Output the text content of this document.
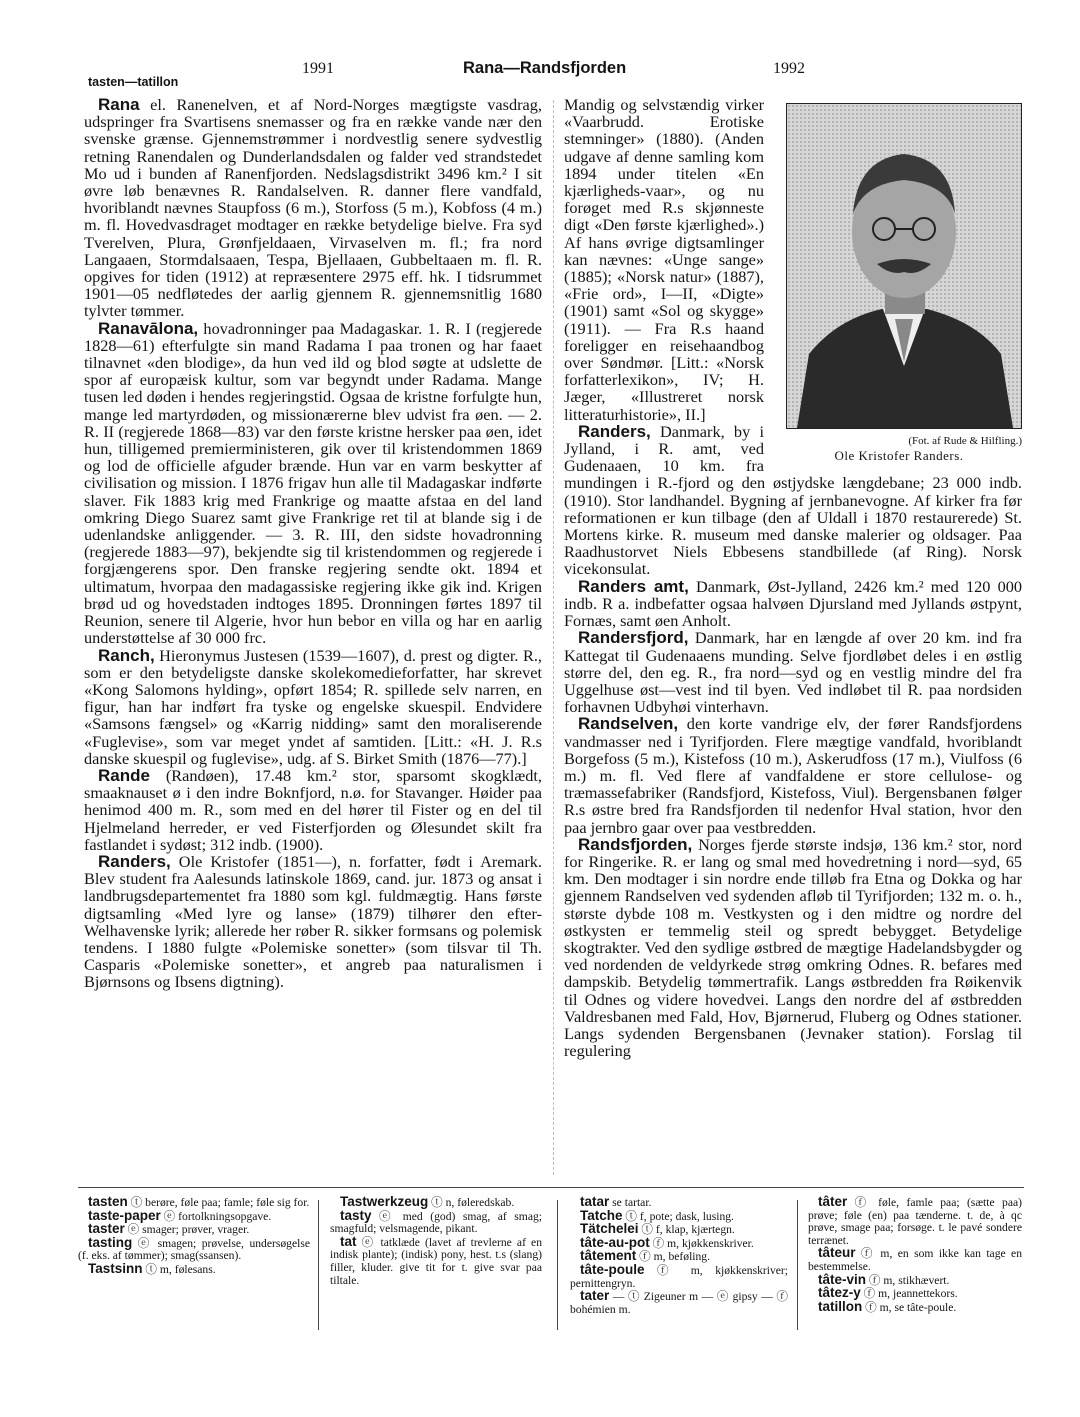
tasten—tatillon
1991	Rana—Randsfjorden	1992

Rana el. Ranenelven, et af Nord-Norges mægtigste vasdrag, udspringer fra Svartisens snemasser og fra en række vande nær den svenske grænse. Gjennemstrømmer i nordvestlig senere sydvestlig retning Ranendalen og Dunderlandsdalen og falder ved strandstedet Mo ud i bunden af Ranenfjorden. Nedslagsdistrikt 3496 km.² I sit øvre løb benævnes R. Randalselven. R. danner flere vandfald, hvoriblandt nævnes Staupfoss (6 m.), Storfoss (5 m.), Kobfoss (4 m.) m. fl. Hovedvasdraget modtager en række betydelige bielve. Fra syd Tverelven, Plura, Grønfjeldaaen, Virvaselven m. fl.; fra nord Langaaen, Stormdalsaaen, Tespa, Bjellaaen, Gubbeltaaen m. fl. R. opgives for tiden (1912) at repræsentere 2975 eff. hk. I tidsrummet 1901—05 nedfløtedes der aarlig gjennem R. gjennemsnitlig 1680 tylvter tømmer.

Ranavālona, hovadronninger paa Madagaskar. 1. R. I (regjerede 1828—61) efterfulgte sin mand Radama I paa tronen og har faaet tilnavnet «den blodige», da hun ved ild og blod søgte at udslette de spor af europæisk kultur, som var begyndt under Radama. Mange tusen led døden i hendes regjeringstid. Ogsaa de kristne forfulgte hun, mange led martyrdøden, og missionærerne blev udvist fra øen. — 2. R. II (regjerede 1868—83) var den første kristne hersker paa øen, idet hun, tilligemed premierministeren, gik over til kristendommen 1869 og lod de officielle afguder brænde. Hun var en varm beskytter af civilisation og mission. I 1876 frigav hun alle til Madagaskar indførte slaver. Fik 1883 krig med Frankrige og maatte afstaa en del land omkring Diego Suarez samt give Frankrige ret til at blande sig i de udenlandske anliggender. — 3. R. III, den sidste hovadronning (regjerede 1883—97), bekjendte sig til kristendommen og regjerede i forgjængerens spor. Den franske regjering sendte okt. 1894 et ultimatum, hvorpaa den madagassiske regjering ikke gik ind. Krigen brød ud og hovedstaden indtoges 1895. Dronningen førtes 1897 til Reunion, senere til Algerie, hvor hun bebor en villa og har en aarlig understøttelse af 30 000 frc.

Ranch, Hieronymus Justesen (1539—1607), d. prest og digter. R., som er den betydeligste danske skolekomedieforfatter, har skrevet «Kong Salomons hylding», opført 1854; R. spillede selv narren, en figur, han har indført fra tyske og engelske skuespil. Endvidere «Samsons fængsel» og «Karrig nidding» samt den moraliserende «Fuglevise», som var meget yndet af samtiden. [Litt.: «H. J. R.s danske skuespil og fuglevise», udg. af S. Birket Smith (1876—77).]

Rande (Randøen), 17.48 km.² stor, sparsomt skogklædt, smaaknauset ø i den indre Boknfjord, n.ø. for Stavanger. Høider paa henimod 400 m. R., som med en del hører til Fister og en del til Hjelmeland herreder, er ved Fisterfjorden og Ølesundet skilt fra fastlandet i sydøst; 312 indb. (1900).

Randers, Ole Kristofer (1851—), n. forfatter, født i Aremark. Blev student fra Aalesunds latinskole 1869, cand. jur. 1873 og ansat i landbrugsdepartementet fra 1880 som kgl. fuldmægtig. Hans første digtsamling «Med lyre og lanse» (1879) tilhører den efter-Welhavenske lyrik; allerede her røber R. sikker formsans og polemisk tendens. I 1880 fulgte «Polemiske sonetter» (som tilsvar til Th. Casparis «Polemiske sonetter», et angreb paa naturalismen i Bjørnsons og Ibsens digtning).

(Fot. af Rude & Hilfling.)
Ole Kristofer Randers.

Mandig og selvstændig virker «Vaarbrudd. Erotiske stemninger» (1880). (Anden udgave af denne samling kom 1894 under titelen «En kjærligheds-vaar», og nu forøget med R.s skjønneste digt «Den første kjærlighed».) Af hans øvrige digtsamlinger kan nævnes: «Unge sange» (1885); «Norsk natur» (1887), «Frie ord», I—II, «Digte» (1901) samt «Sol og skygge» (1911). — Fra R.s haand foreligger en reisehaandbog over Søndmør. [Litt.: «Norsk forfatterlexikon», IV; H. Jæger, «Illustreret norsk litteraturhistorie», II.]

Randers, Danmark, by i Jylland, i R. amt, ved Gudenaaen, 10 km. fra mundingen i R.-fjord og den østjydske længdebane; 23 000 indb. (1910). Stor landhandel. Bygning af jernbanevogne. Af kirker fra før reformationen er kun tilbage (den af Uldall i 1870 restaurerede) St. Mortens kirke. R. museum med danske malerier og oldsager. Paa Raadhustorvet Niels Ebbesens standbillede (af Ring). Norsk vicekonsulat.

Randers amt, Danmark, Øst-Jylland, 2426 km.² med 120 000 indb. R a. indbefatter ogsaa halvøen Djursland med Jyllands østpynt, Fornæs, samt øen Anholt.

Randersfjord, Danmark, har en længde af over 20 km. ind fra Kattegat til Gudenaaens munding. Selve fjordløbet deles i en østlig større del, den eg. R., fra nord—syd og en vestlig mindre del fra Uggelhuse øst—vest ind til byen. Ved indløbet til R. paa nordsiden forhavnen Udbyhøi vinterhavn.

Randselven, den korte vandrige elv, der fører Randsfjordens vandmasser ned i Tyrifjorden. Flere mægtige vandfald, hvoriblandt Borgefoss (5 m.), Kistefoss (10 m.), Askerudfoss (17 m.), Viulfoss (6 m.) m. fl. Ved flere af vandfaldene er store cellulose- og træmassefabriker (Randsfjord, Kistefoss, Viul). Bergensbanen følger R.s østre bred fra Randsfjorden til nedenfor Hval station, hvor den paa jernbro gaar over paa vestbredden.

Randsfjorden, Norges fjerde største indsjø, 136 km.² stor, nord for Ringerike. R. er lang og smal med hovedretning i nord—syd, 65 km. Den modtager i sin nordre ende tilløb fra Etna og Dokka og har gjennem Randselven ved sydenden afløb til Tyrifjorden; 132 m. o. h., største dybde 108 m. Vestkysten og i den midtre og nordre del østkysten er temmelig steil og spredt bebygget. Betydelige skogtrakter. Ved den sydlige østbred de mægtige Hadelandsbygder og ved nordenden de veldyrkede strøg omkring Odnes. R. befares med dampskib. Betydelig tømmertrafik. Langs østbredden fra Røikenvik til Odnes og videre hovedvei. Langs den nordre del af østbredden Valdresbanen med Fald, Hov, Bjørnerud, Fluberg og Odnes stationer. Langs sydenden Bergensbanen (Jevnaker station). Forslag til regulering

tasten ⓣ berøre, føle paa; famle; føle sig for.

taste-paper ⓔ fortolkningsopgave.

taster ⓔ smager; prøver, vrager.

tasting ⓔ smagen; prøvelse, undersøgelse (f. eks. af tømmer); smag(ssansen).

Tastsinn ⓣ m, følesans.

Tastwerkzeug ⓣ n, føleredskab.

tasty ⓔ med (god) smag, af smag; smagfuld; velsmagende, pikant.

tat ⓔ tatklæde (lavet af trevlerne af en indisk plante); (indisk) pony, hest. t.s (slang) filler, kluder. give tit for t. give svar paa tiltale.

tatar se tartar.

Tatche ⓣ f, pote; dask, lusing.

Tätchelei ⓣ f, klap, kjærtegn.

tâte-au-pot ⓕ m, kjøkkenskriver.

tâtement ⓕ m, beføling.

tâte-poule ⓕ m, kjøkkenskriver; pernittengryn.

tater — ⓣ Zigeuner m — ⓔ gipsy — ⓕ bohémien m.

tâter ⓕ føle, famle paa; (sætte paa) prøve; føle (en) paa tænderne. t. de, à qc prøve, smage paa; forsøge. t. le pavé sondere terrænet.

tâteur ⓕ m, en som ikke kan tage en bestemmelse.

tâte-vin ⓕ m, stikhævert.

tâtez-y ⓕ m, jeannettekors.

tatillon ⓕ m, se tâte-poule.
